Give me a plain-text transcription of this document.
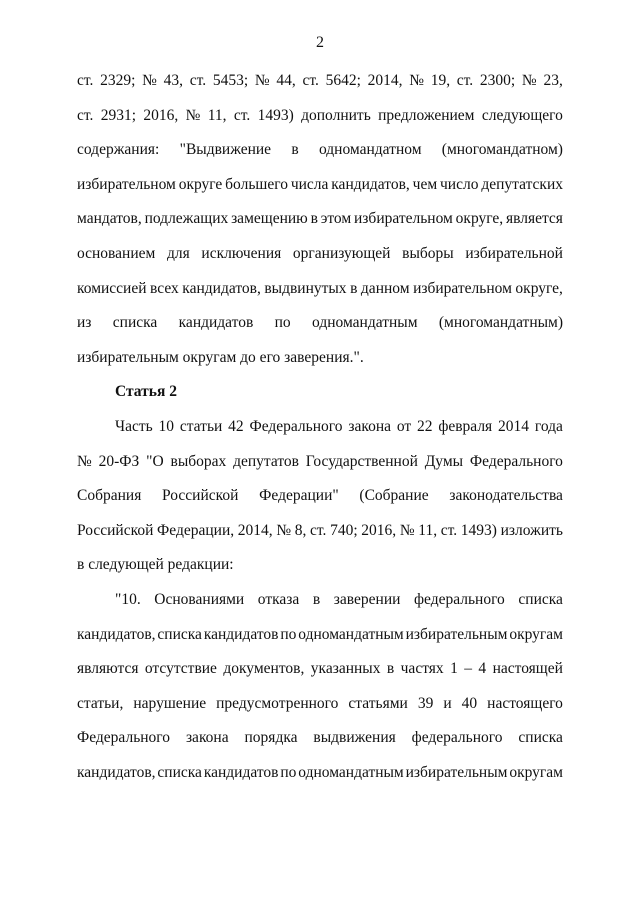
2
ст. 2329; № 43, ст. 5453; № 44, ст. 5642; 2014, № 19, ст. 2300; № 23,
ст. 2931; 2016, № 11, ст. 1493) дополнить предложением следующего
содержания: "Выдвижение в одномандатном (многомандатном)
избирательном округе большего числа кандидатов, чем число депутатских
мандатов, подлежащих замещению в этом избирательном округе, является
основанием для исключения организующей выборы избирательной
комиссией всех кандидатов, выдвинутых в данном избирательном округе,
из списка кандидатов по одномандатным (многомандатным)
избирательным округам до его заверения.".
Статья 2
Часть 10 статьи 42 Федерального закона от 22 февраля 2014 года
№ 20-ФЗ "О выборах депутатов Государственной Думы Федерального
Собрания Российской Федерации" (Собрание законодательства
Российской Федерации, 2014, № 8, ст. 740; 2016, № 11, ст. 1493) изложить
в следующей редакции:
"10. Основаниями отказа в заверении федерального списка
кандидатов, списка кандидатов по одномандатным избирательным округам
являются отсутствие документов, указанных в частях 1 – 4 настоящей
статьи, нарушение предусмотренного статьями 39 и 40 настоящего
Федерального закона порядка выдвижения федерального списка
кандидатов, списка кандидатов по одномандатным избирательным округам
